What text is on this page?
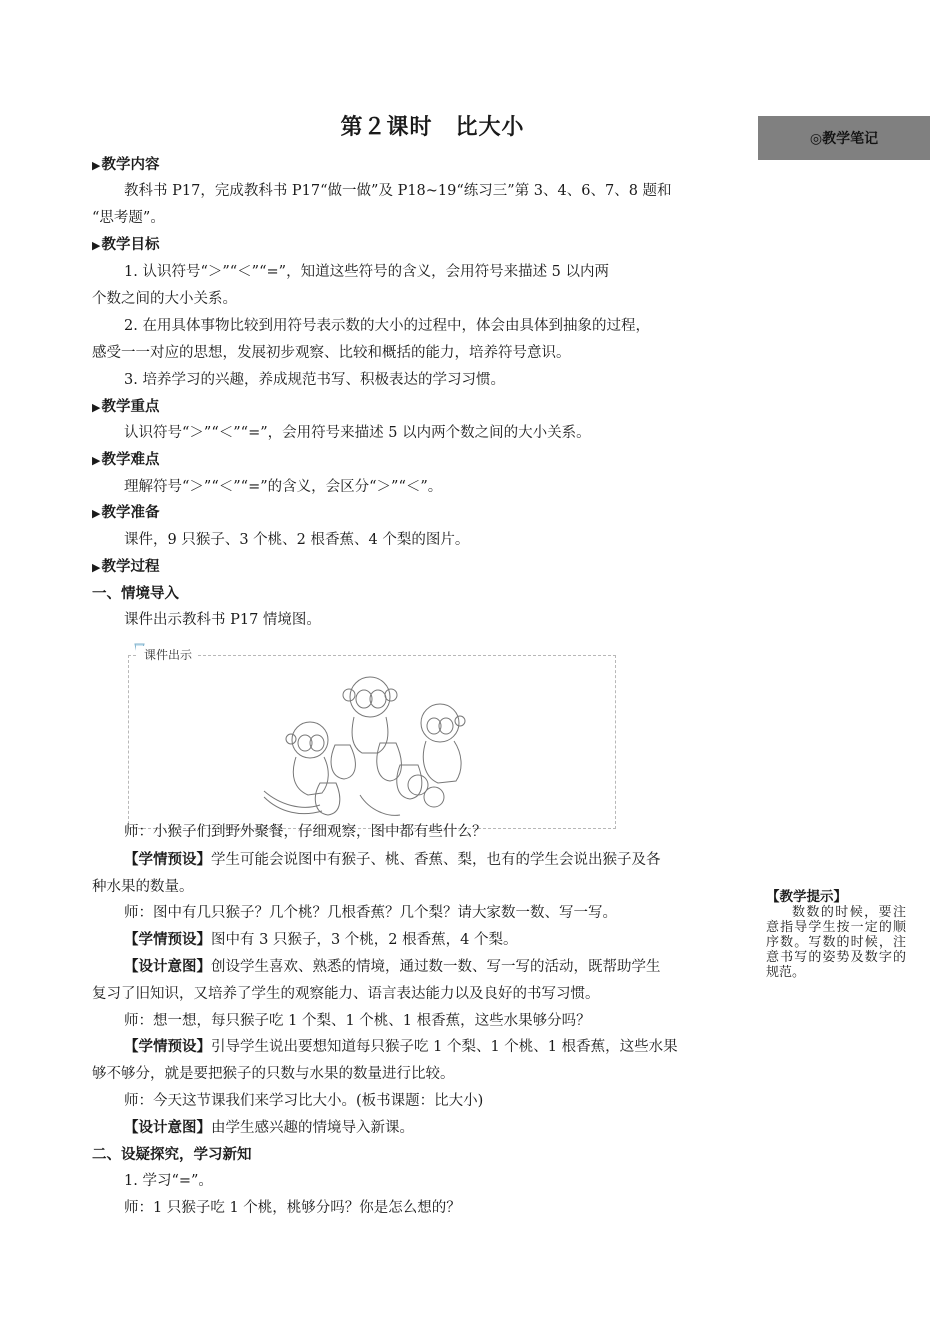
第２课时　比大小	◎教学笔记
▶教学内容
教科书 P17，完成教科书 P17“做一做”及 P18~19“练习三”第 3、4、6、7、8 题和
“思考题”。
▶教学目标
1. 认识符号“＞”“＜”“=”，知道这些符号的含义，会用符号来描述 5 以内两
个数之间的大小关系。
2. 在用具体事物比较到用符号表示数的大小的过程中，体会由具体到抽象的过程，
感受一一对应的思想，发展初步观察、比较和概括的能力，培养符号意识。
3. 培养学习的兴趣，养成规范书写、积极表达的学习习惯。
▶教学重点
认识符号“＞”“＜”“=”，会用符号来描述 5 以内两个数之间的大小关系。
▶教学难点
理解符号“＞”“＜”“=”的含义，会区分“＞”“＜”。
▶教学准备
课件，9 只猴子、3 个桃、2 根香蕉、4 个梨的图片。
▶教学过程
一、情境导入
课件出示教科书 P17 情境图。
课件出示
师：小猴子们到野外聚餐，仔细观察，图中都有些什么？
【学情预设】学生可能会说图中有猴子、桃、香蕉、梨，也有的学生会说出猴子及各
种水果的数量。
师：图中有几只猴子？几个桃？几根香蕉？几个梨？请大家数一数、写一写。
【学情预设】图中有 3 只猴子，3 个桃，2 根香蕉，4 个梨。
【设计意图】创设学生喜欢、熟悉的情境，通过数一数、写一写的活动，既帮助学生
复习了旧知识，又培养了学生的观察能力、语言表达能力以及良好的书写习惯。
师：想一想，每只猴子吃 1 个梨、1 个桃、1 根香蕉，这些水果够分吗？
【学情预设】引导学生说出要想知道每只猴子吃 1 个梨、1 个桃、1 根香蕉，这些水果
够不够分，就是要把猴子的只数与水果的数量进行比较。
师：今天这节课我们来学习比大小。(板书课题：比大小)
【设计意图】由学生感兴趣的情境导入新课。
二、设疑探究，学习新知
1. 学习“=”。
师：1 只猴子吃 1 个桃，桃够分吗？你是怎么想的？
【教学提示】
数数的时候，要注意指导学生按一定的顺序数。写数的时候，注意书写的姿势及数字的规范。
